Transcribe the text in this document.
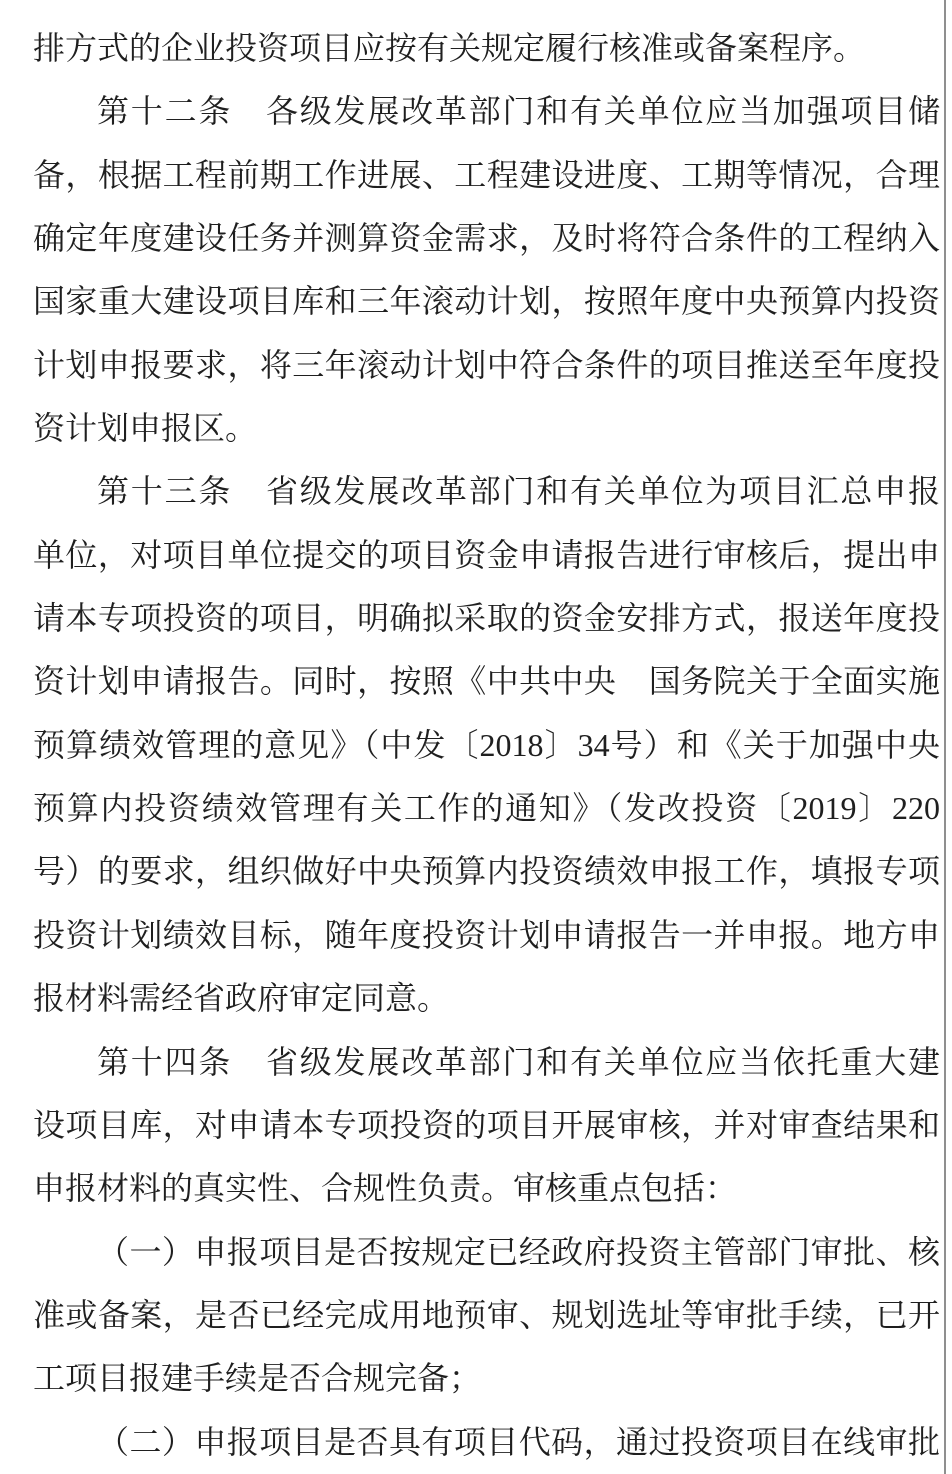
排方式的企业投资项目应按有关规定履行核准或备案程序。
第十二条　各级发展改革部门和有关单位应当加强项目储
备，根据工程前期工作进展、工程建设进度、工期等情况，合理
确定年度建设任务并测算资金需求，及时将符合条件的工程纳入
国家重大建设项目库和三年滚动计划，按照年度中央预算内投资
计划申报要求，将三年滚动计划中符合条件的项目推送至年度投
资计划申报区。
第十三条　省级发展改革部门和有关单位为项目汇总申报
单位，对项目单位提交的项目资金申请报告进行审核后，提出申
请本专项投资的项目，明确拟采取的资金安排方式，报送年度投
资计划申请报告。同时，按照《中共中央　国务院关于全面实施
预算绩效管理的意见》（中发〔2018〕34号）和《关于加强中央
预算内投资绩效管理有关工作的通知》（发改投资〔2019〕220
号）的要求，组织做好中央预算内投资绩效申报工作，填报专项
投资计划绩效目标，随年度投资计划申请报告一并申报。地方申
报材料需经省政府审定同意。
第十四条　省级发展改革部门和有关单位应当依托重大建
设项目库，对申请本专项投资的项目开展审核，并对审查结果和
申报材料的真实性、合规性负责。审核重点包括：
（一）申报项目是否按规定已经政府投资主管部门审批、核
准或备案，是否已经完成用地预审、规划选址等审批手续，已开
工项目报建手续是否合规完备；
（二）申报项目是否具有项目代码，通过投资项目在线审批
